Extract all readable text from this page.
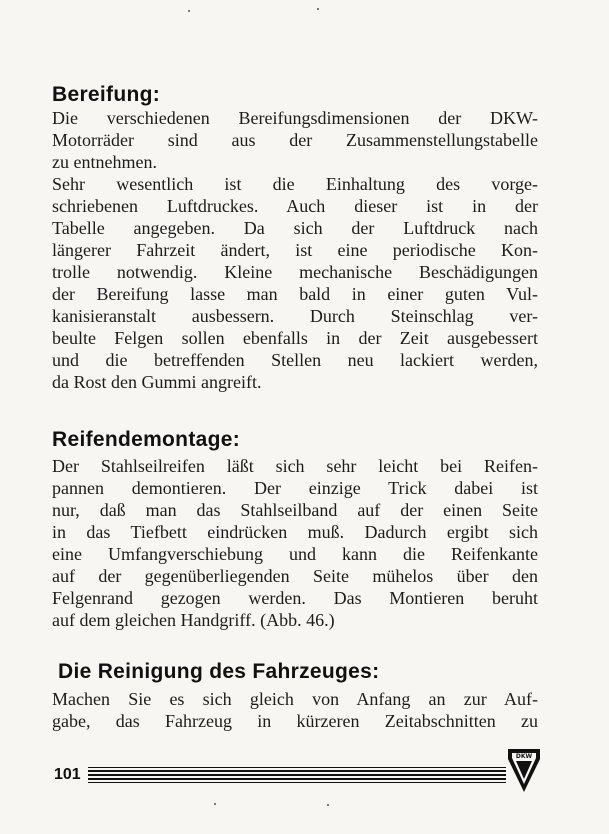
Bereifung:
Die verschiedenen Bereifungsdimensionen der DKW-
Motorräder sind aus der Zusammenstellungstabelle
zu entnehmen.
Sehr wesentlich ist die Einhaltung des vorge-
schriebenen Luftdruckes. Auch dieser ist in der
Tabelle angegeben. Da sich der Luftdruck nach
längerer Fahrzeit ändert, ist eine periodische Kon-
trolle notwendig. Kleine mechanische Beschädigungen
der Bereifung lasse man bald in einer guten Vul-
kanisieranstalt ausbessern. Durch Steinschlag ver-
beulte Felgen sollen ebenfalls in der Zeit ausgebessert
und die betreffenden Stellen neu lackiert werden,
da Rost den Gummi angreift.
Reifendemontage:
Der Stahlseilreifen läßt sich sehr leicht bei Reifen-
pannen demontieren. Der einzige Trick dabei ist
nur, daß man das Stahlseilband auf der einen Seite
in das Tiefbett eindrücken muß. Dadurch ergibt sich
eine Umfangverschiebung und kann die Reifenkante
auf der gegenüberliegenden Seite mühelos über den
Felgenrand gezogen werden. Das Montieren beruht
auf dem gleichen Handgriff. (Abb. 46.)
Die Reinigung des Fahrzeuges:
Machen Sie es sich gleich von Anfang an zur Auf-
gabe, das Fahrzeug in kürzeren Zeitabschnitten zu
101
DKW
